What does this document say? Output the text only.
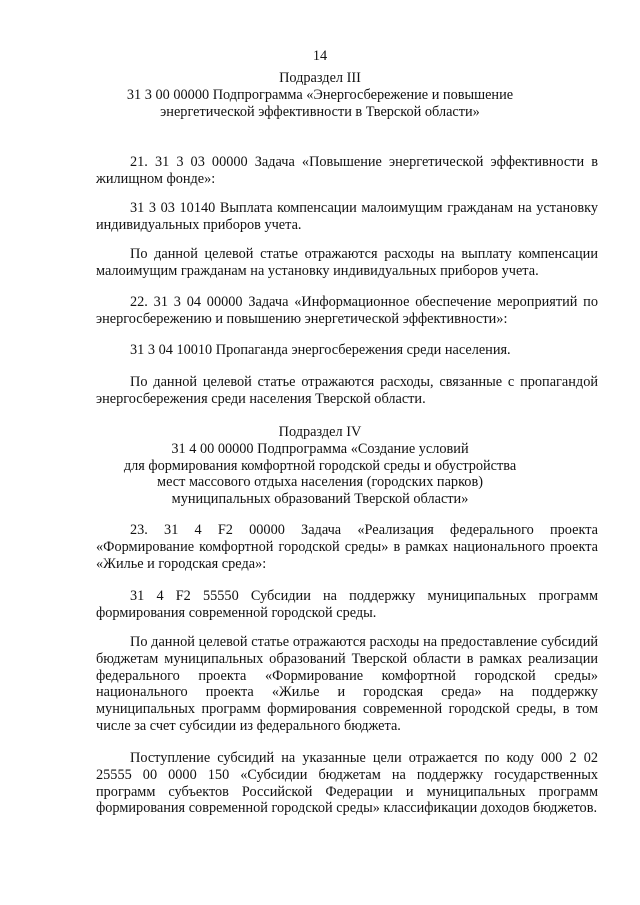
14
Подраздел III
31 3 00 00000 Подпрограмма «Энергосбережение и повышение
энергетической эффективности в Тверской области»
21. 31 3 03 00000 Задача «Повышение энергетической эффективности в жилищном фонде»:
31 3 03 10140 Выплата компенсации малоимущим гражданам на установку индивидуальных приборов учета.
По данной целевой статье отражаются расходы на выплату компенсации малоимущим гражданам на установку индивидуальных приборов учета.
22. 31 3 04 00000 Задача «Информационное обеспечение мероприятий по энергосбережению и повышению энергетической эффективности»:
31 3 04 10010 Пропаганда энергосбережения среди населения.
По данной целевой статье отражаются расходы, связанные с пропагандой энергосбережения среди населения Тверской области.
Подраздел IV
31 4 00 00000 Подпрограмма «Создание условий
для формирования комфортной городской среды и обустройства
мест массового отдыха населения (городских парков)
муниципальных образований Тверской области»
23. 31 4 F2 00000 Задача «Реализация федерального проекта «Формирование комфортной городской среды» в рамках национального проекта «Жилье и городская среда»:
31 4 F2 55550 Субсидии на поддержку муниципальных программ формирования современной городской среды.
По данной целевой статье отражаются расходы на предоставление субсидий бюджетам муниципальных образований Тверской области в рамках реализации федерального проекта «Формирование комфортной городской среды» национального проекта «Жилье и городская среда» на поддержку муниципальных программ формирования современной городской среды, в том числе за счет субсидии из федерального бюджета.
Поступление субсидий на указанные цели отражается по коду 000 2 02 25555 00 0000 150 «Субсидии бюджетам на поддержку государственных программ субъектов Российской Федерации и муниципальных программ формирования современной городской среды» классификации доходов бюджетов.
